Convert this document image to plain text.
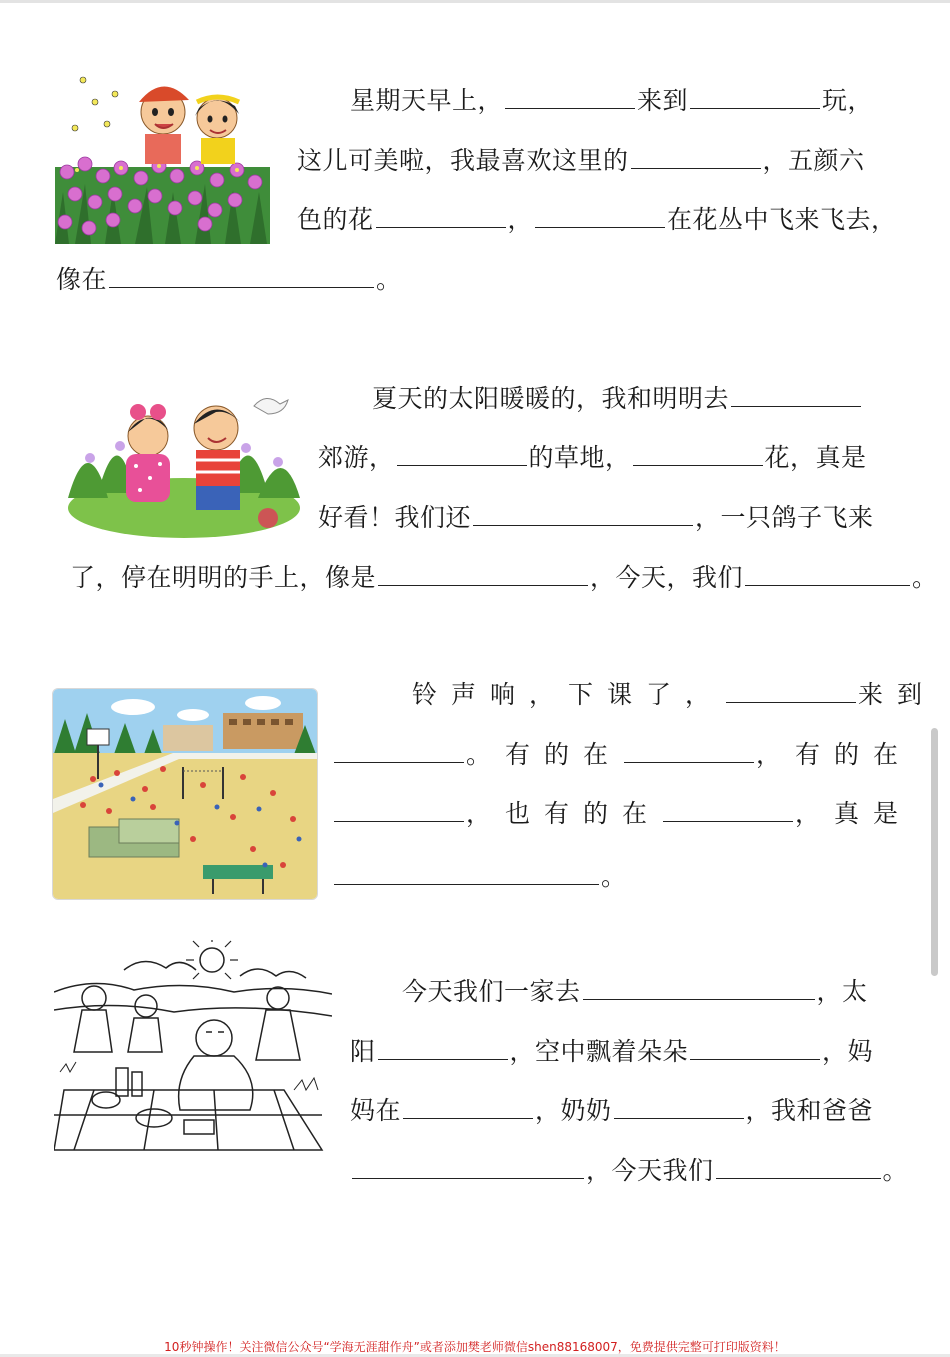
星期天早上，	来到	玩，
这儿可美啦，我最喜欢这里的	，五颜六
色的花	，	在花丛中飞来飞去，
像在	。
夏天的太阳暖暖的，我和明明去
郊游，	的草地，	花，真是
好看！我们还	，一只鸽子飞来
了，停在明明的手上，像是	，今天，我们	。
铃声响，下课了，	来到
。有的在	，有的在
，也有的在	，真是
。
今天我们一家去	，太
阳	，空中飘着朵朵	，妈
妈在	，奶奶	，我和爸爸
，今天我们	。
10秒钟操作！关注微信公众号“学海无涯甜作舟”或者添加樊老师微信shen88168007，免费提供完整可打印版资料！
